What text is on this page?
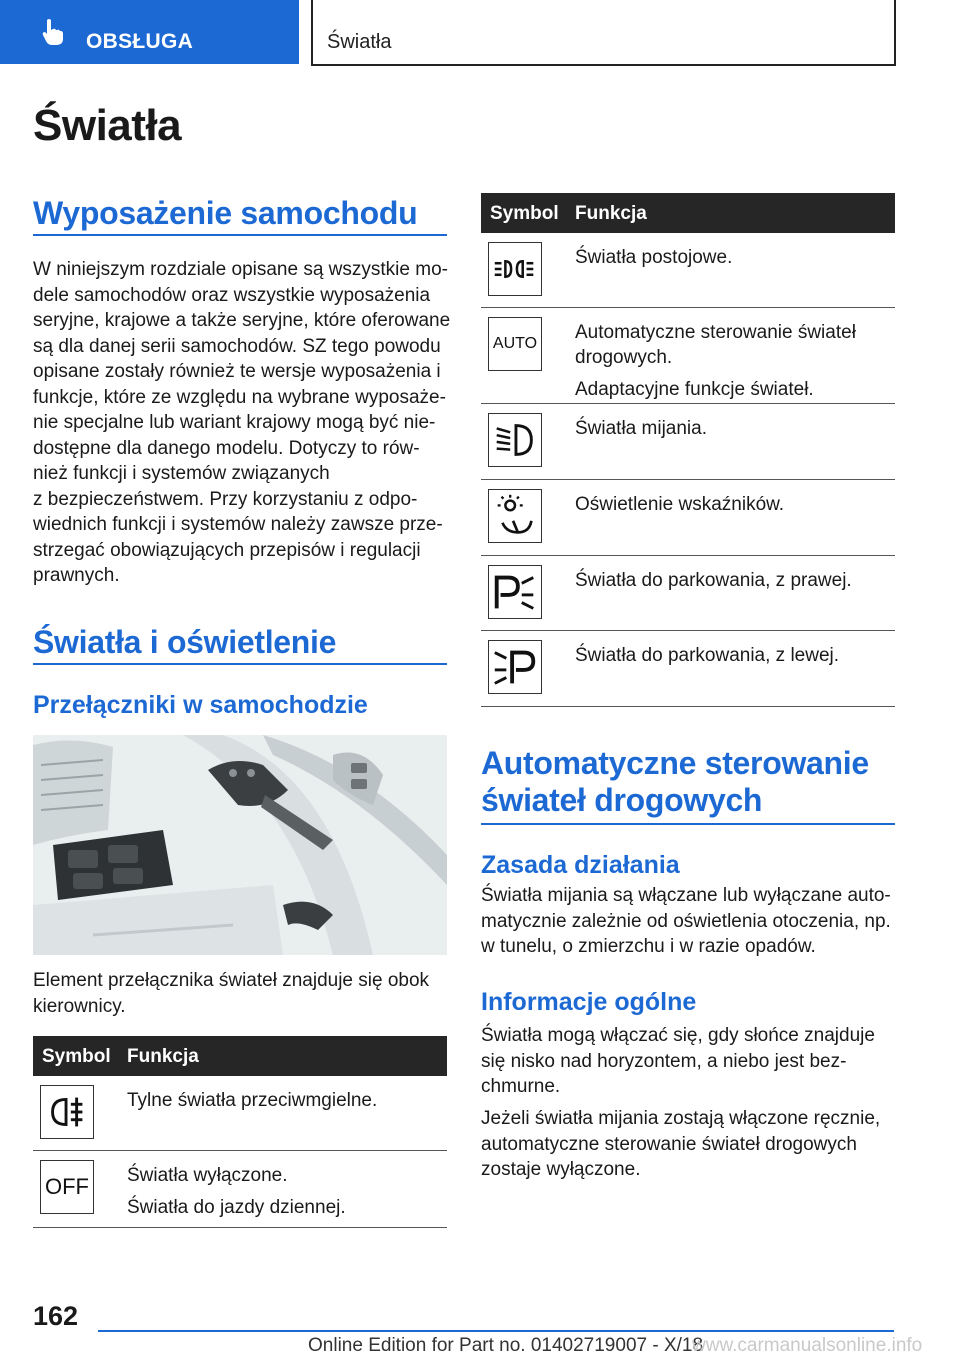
OBSŁUGA	Światła
Światła
Wyposażenie samochodu
W niniejszym rozdziale opisane są wszystkie mo-
dele samochodów oraz wszystkie wyposażenia
seryjne, krajowe a także seryjne, które oferowane
są dla danej serii samochodów. SZ tego powodu
opisane zostały również te wersje wyposażenia i
funkcje, które ze względu na wybrane wyposaże-
nie specjalne lub wariant krajowy mogą być nie-
dostępne dla danego modelu. Dotyczy to rów-
nież funkcji i systemów związanych
z bezpieczeństwem. Przy korzystaniu z odpo-
wiednich funkcji i systemów należy zawsze prze-
strzegać obowiązujących przepisów i regulacji
prawnych.
Światła i oświetlenie
Przełączniki w samochodzie
Element przełącznika świateł znajduje się obok
kierownicy.
Symbol Funkcja

Tylne światła przeciwmgielne.

OFF Światła wyłączone.

Światła do jazdy dziennej.

Symbol Funkcja

Światła postojowe.

AUTO

Automatyczne sterowanie świateł drogowych.

Adaptacyjne funkcje świateł.

Światła mijania.

Oświetlenie wskaźników.

Światła do parkowania, z prawej.

Światła do parkowania, z lewej.

Automatyczne sterowanie
świateł drogowych
Zasada działania
Światła mijania są włączane lub wyłączane auto-
matycznie zależnie od oświetlenia otoczenia, np.
w tunelu, o zmierzchu i w razie opadów.
Informacje ogólne
Światła mogą włączać się, gdy słońce znajduje
się nisko nad horyzontem, a niebo jest bez-
chmurne.
Jeżeli światła mijania zostają włączone ręcznie,
automatyczne sterowanie świateł drogowych
zostaje wyłączone.
162
Online Edition for Part no. 01402719007 - X/18
www.carmanualsonline.info
